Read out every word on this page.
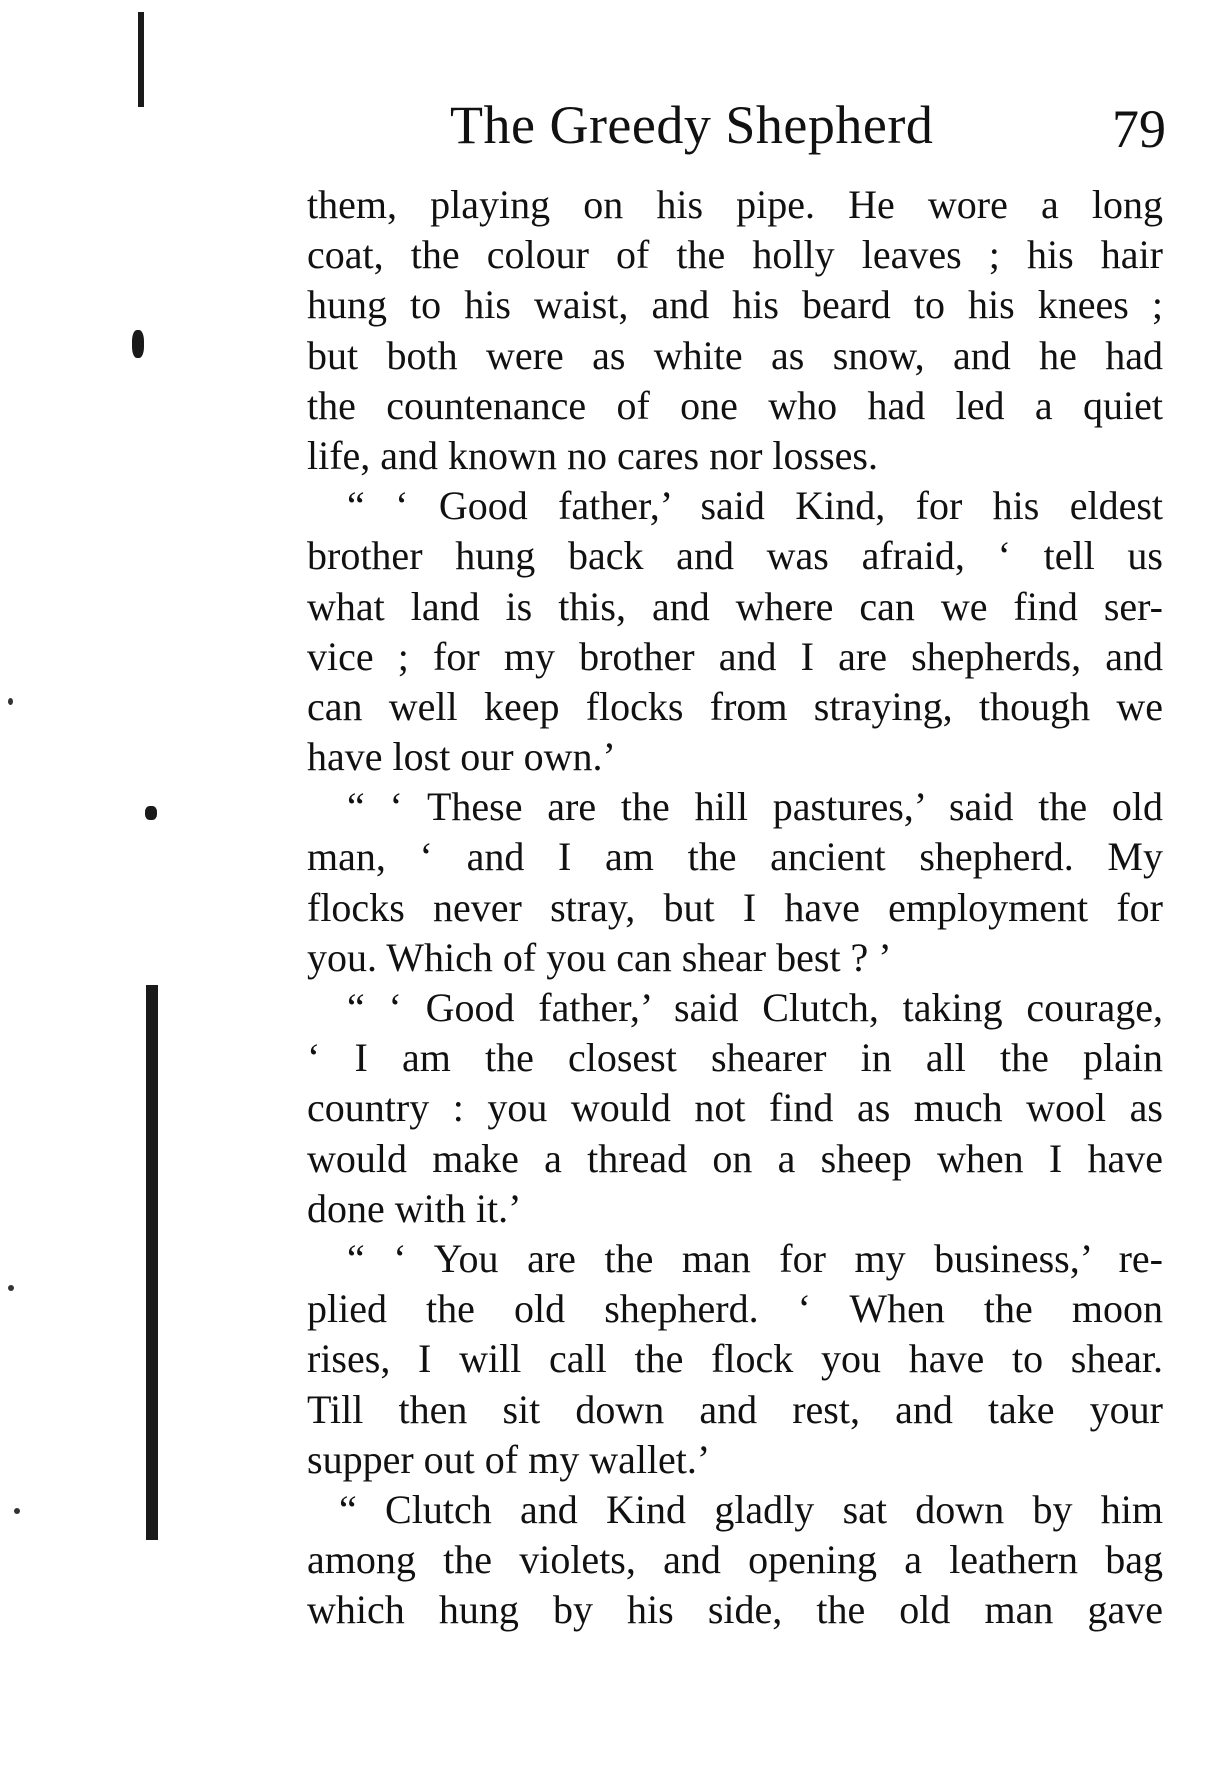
The Greedy Shepherd	79
them, playing on his pipe. He wore a long
coat, the colour of the holly leaves ; his hair
hung to his waist, and his beard to his knees ;
but both were as white as snow, and he had
the countenance of one who had led a quiet
life, and known no cares nor losses.
“ ‘ Good father,’ said Kind, for his eldest
brother hung back and was afraid, ‘ tell us
what land is this, and where can we find ser-
vice ; for my brother and I are shepherds, and
can well keep flocks from straying, though we
have lost our own.’
“ ‘ These are the hill pastures,’ said the old
man, ‘ and I am the ancient shepherd. My
flocks never stray, but I have employment for
you. Which of you can shear best ? ’
“ ‘ Good father,’ said Clutch, taking courage,
‘ I am the closest shearer in all the plain
country : you would not find as much wool as
would make a thread on a sheep when I have
done with it.’
“ ‘ You are the man for my business,’ re-
plied the old shepherd. ‘ When the moon
rises, I will call the flock you have to shear.
Till then sit down and rest, and take your
supper out of my wallet.’
“ Clutch and Kind gladly sat down by him
among the violets, and opening a leathern bag
which hung by his side, the old man gave
